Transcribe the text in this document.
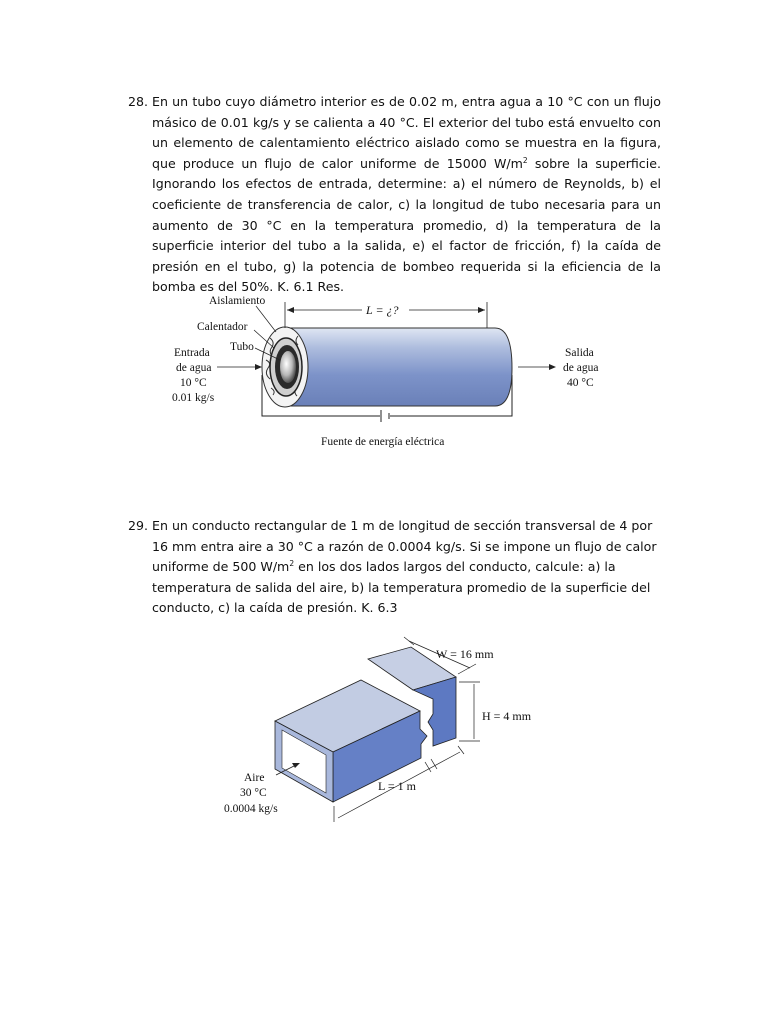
28. En un tubo cuyo diámetro interior es de 0.02 m, entra agua a 10 °C con un flujo másico de 0.01 kg/s y se calienta a 40 °C. El exterior del tubo está envuelto con un elemento de calentamiento eléctrico aislado como se muestra en la figura, que produce un flujo de calor uniforme de 15000 $W/m^2$ sobre la superficie. Ignorando los efectos de entrada, determine: a) el número de Reynolds, b) el coeficiente de transferencia de calor, c) la longitud de tubo necesaria para un aumento de 30 °C en la temperatura promedio, d) la temperatura de la superficie interior del tubo a la salida, e) el factor de fricción, f) la caída de presión en el tubo, g) la potencia de bombeo requerida si la eficiencia de la bomba es del 50%. K. 6.1 Res.
L = ¿?
Aislamiento
Calentador
Tubo
Entrada
de agua
10 °C
0.01 kg/s
Salida
de agua
40 °C
Fuente de energía eléctrica
29. En un conducto rectangular de 1 m de longitud de sección transversal de 4 por 16 mm entra aire a 30 °C a razón de 0.0004 kg/s. Si se impone un flujo de calor uniforme de 500 $W/m^2$ en los dos lados largos del conducto, calcule: a) la temperatura de salida del aire, b) la temperatura promedio de la superficie del conducto, c) la caída de presión. K. 6.3
W = 16 mm
H = 4 mm
L = 1 m
Aire
30 °C
0.0004 kg/s
